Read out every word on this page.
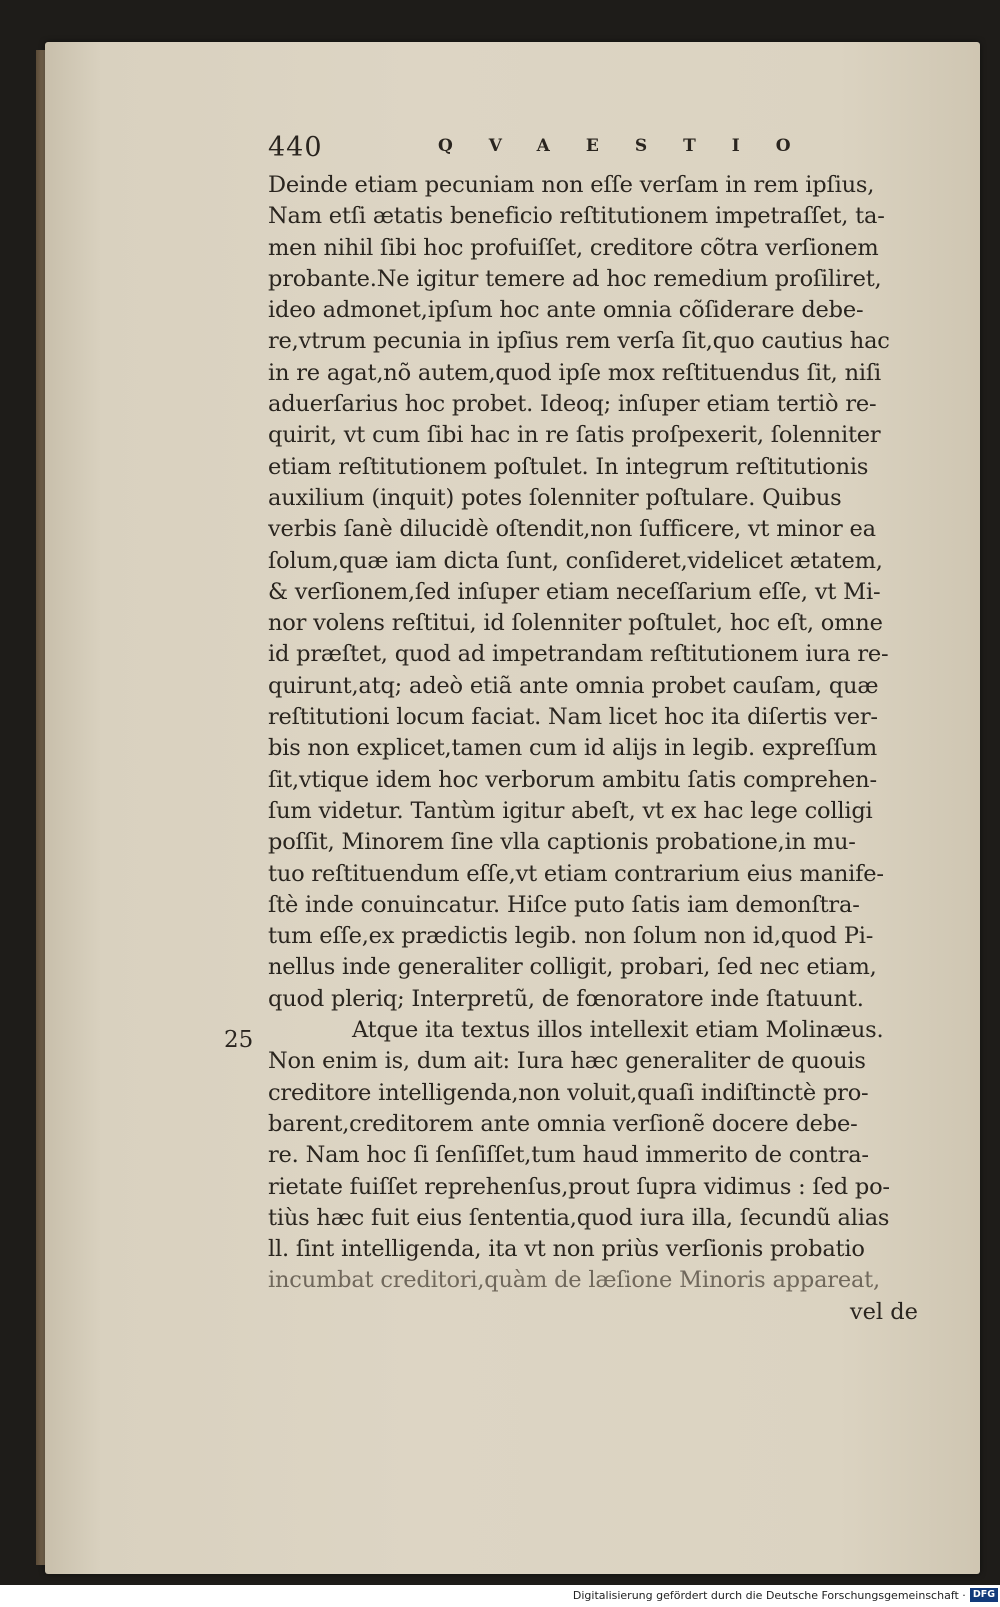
440	QVAESTIO
25
Deinde etiam pecuniam non eſſe verſam in rem ipſius,
Nam etſi ætatis beneficio reſtitutionem impetraſſet, ta-
men nihil ſibi hoc profuiſſet, creditore cõtra verſionem
probante.Ne igitur temere ad hoc remedium proſiliret,
ideo admonet,ipſum hoc ante omnia cõſiderare debe-
re,vtrum pecunia in ipſius rem verſa ſit,quo cautius hac
in re agat,nõ autem,quod ipſe mox reſtituendus ſit, niſi
aduerſarius hoc probet. Ideoq; inſuper etiam tertiò re-
quirit, vt cum ſibi hac in re ſatis proſpexerit, ſolenniter
etiam reſtitutionem poſtulet. In integrum reſtitutionis
auxilium (inquit) potes ſolenniter poſtulare. Quibus
verbis ſanè dilucidè oſtendit,non ſufficere, vt minor ea
ſolum,quæ iam dicta ſunt, conſideret,videlicet ætatem,
& verſionem,ſed inſuper etiam neceſſarium eſſe, vt Mi-
nor volens reſtitui, id ſolenniter poſtulet, hoc eſt, omne
id præſtet, quod ad impetrandam reſtitutionem iura re-
quirunt,atq; adeò etiã ante omnia probet cauſam, quæ
reſtitutioni locum faciat. Nam licet hoc ita diſertis ver-
bis non explicet,tamen cum id alijs in legib. expreſſum
ſit,vtique idem hoc verborum ambitu ſatis comprehen-
ſum videtur. Tantùm igitur abeſt, vt ex hac lege colligi
poſſit, Minorem ſine vlla captionis probatione,in mu-
tuo reſtituendum eſſe,vt etiam contrarium eius manife-
ſtè inde conuincatur. Hiſce puto ſatis iam demonſtra-
tum eſſe,ex prædictis legib. non ſolum non id,quod Pi-
nellus inde generaliter colligit, probari, ſed nec etiam,
quod pleriq; Interpretũ, de fœnoratore inde ſtatuunt.
Atque ita textus illos intellexit etiam Molinæus.
Non enim is, dum ait: Iura hæc generaliter de quouis
creditore intelligenda,non voluit,quaſi indiſtinctè pro-
barent,creditorem ante omnia verſionẽ docere debe-
re. Nam hoc ſi ſenſiſſet,tum haud immerito de contra-
rietate fuiſſet reprehenſus,prout ſupra vidimus : ſed po-
tiùs hæc fuit eius ſententia,quod iura illa, ſecundũ alias
ll. ſint intelligenda, ita vt non priùs verſionis probatio
incumbat creditori,quàm de læſione Minoris appareat,
vel de
Digitalisierung gefördert durch die Deutsche Forschungsgemeinschaft · DFG
